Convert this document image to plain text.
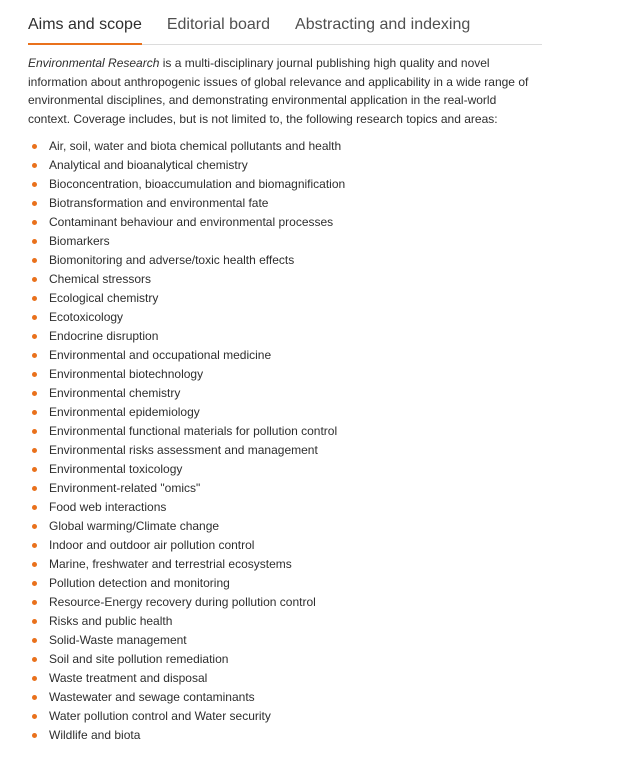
Aims and scope Editorial board Abstracting and indexing

Environmental Research is a multi-disciplinary journal publishing high quality and novel information about anthropogenic issues of global relevance and applicability in a wide range of environmental disciplines, and demonstrating environmental application in the real-world context. Coverage includes, but is not limited to, the following research topics and areas:

Air, soil, water and biota chemical pollutants and health
Analytical and bioanalytical chemistry
Bioconcentration, bioaccumulation and biomagnification
Biotransformation and environmental fate
Contaminant behaviour and environmental processes
Biomarkers
Biomonitoring and adverse/toxic health effects
Chemical stressors
Ecological chemistry
Ecotoxicology
Endocrine disruption
Environmental and occupational medicine
Environmental biotechnology
Environmental chemistry
Environmental epidemiology
Environmental functional materials for pollution control
Environmental risks assessment and management
Environmental toxicology
Environment-related "omics"
Food web interactions
Global warming/Climate change
Indoor and outdoor air pollution control
Marine, freshwater and terrestrial ecosystems
Pollution detection and monitoring
Resource-Energy recovery during pollution control
Risks and public health
Solid-Waste management
Soil and site pollution remediation
Waste treatment and disposal
Wastewater and sewage contaminants
Water pollution control and Water security
Wildlife and biota
